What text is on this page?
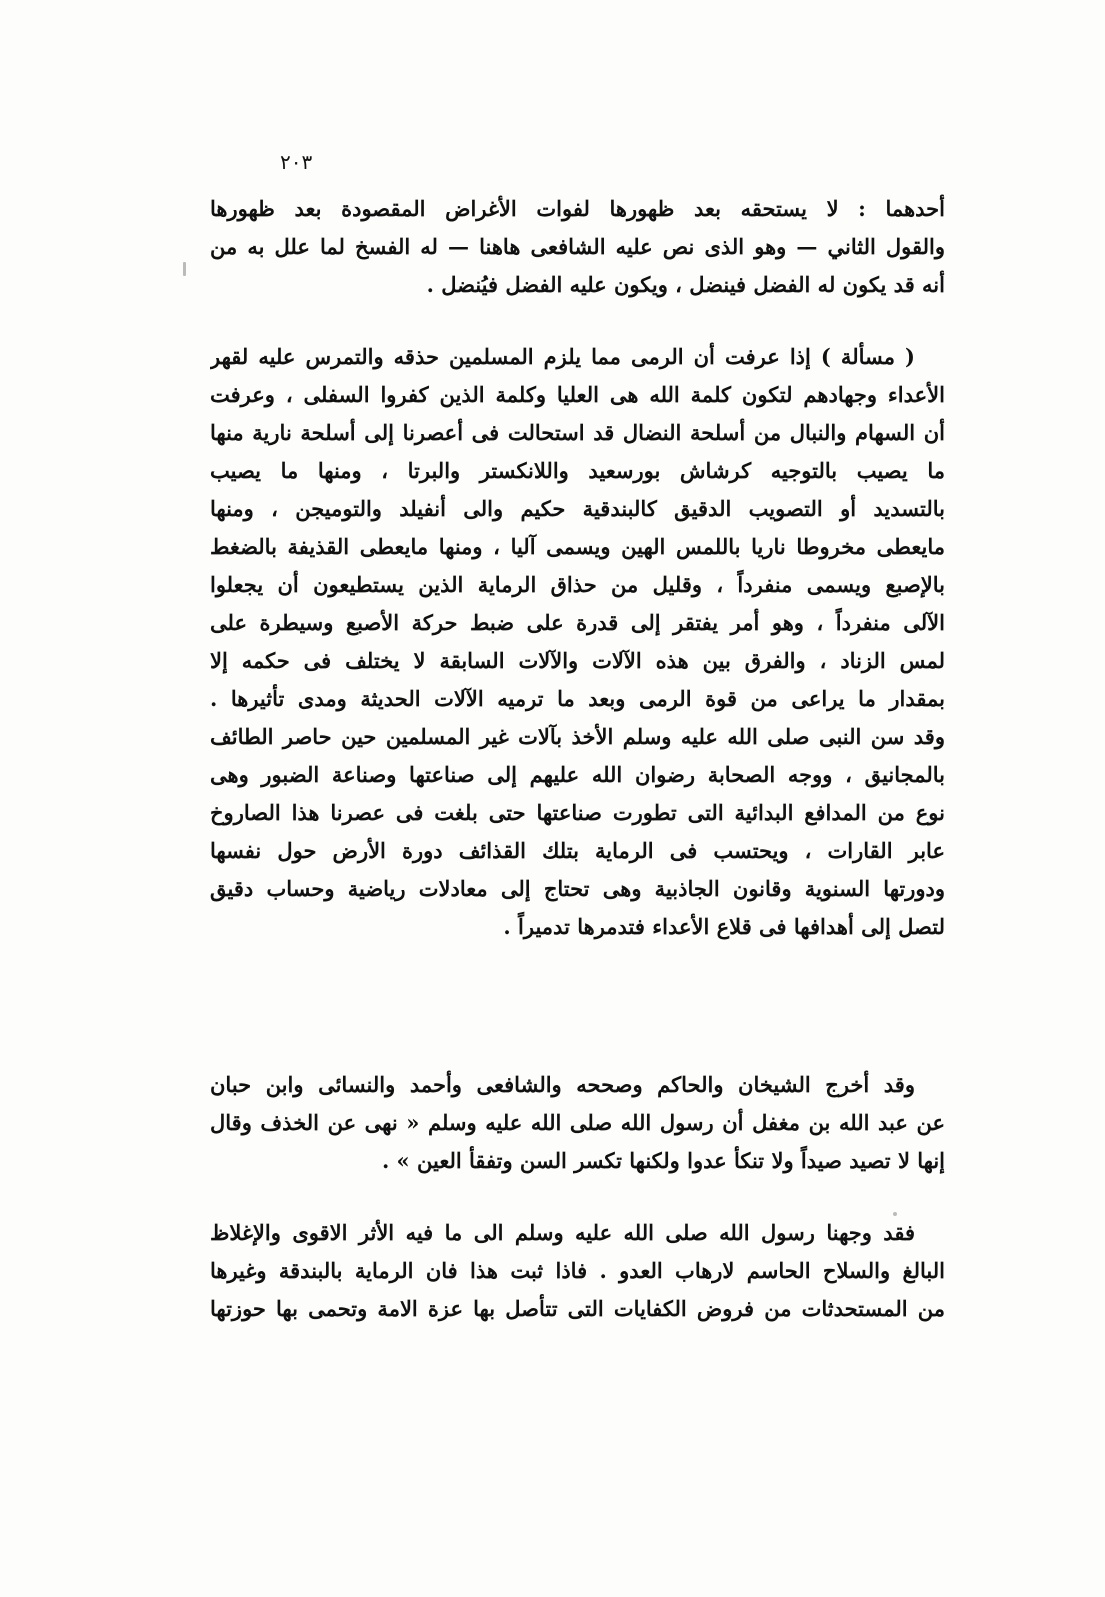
٢٠٣
أحدهما : لا يستحقه بعد ظهورها لفوات الأغراض المقصودة بعد ظهورها
والقول الثاني — وهو الذى نص عليه الشافعى هاهنا — له الفسخ لما علل به من
أنه قد يكون له الفضل فينضل ، ويكون عليه الفضل فيُنضل .
( مسألة ) إذا عرفت أن الرمى مما يلزم المسلمين حذقه والتمرس عليه لقهر
الأعداء وجهادهم لتكون كلمة الله هى العليا وكلمة الذين كفروا السفلى ، وعرفت
أن السهام والنبال من أسلحة النضال قد استحالت فى أعصرنا إلى أسلحة نارية منها
ما يصيب بالتوجيه كرشاش بورسعيد واللانكستر والبرتا ، ومنها ما يصيب
بالتسديد أو التصويب الدقيق كالبندقية حكيم والى أنفيلد والتوميجن ، ومنها
مايعطى مخروطا ناريا باللمس الهين ويسمى آليا ، ومنها مايعطى القذيفة بالضغط
بالإصبع ويسمى منفرداً ، وقليل من حذاق الرماية الذين يستطيعون أن يجعلوا
الآلى منفرداً ، وهو أمر يفتقر إلى قدرة على ضبط حركة الأصبع وسيطرة على
لمس الزناد ، والفرق بين هذه الآلات والآلات السابقة لا يختلف فى حكمه إلا
بمقدار ما يراعى من قوة الرمى وبعد ما ترميه الآلات الحديثة ومدى تأثيرها .
وقد سن النبى صلى الله عليه وسلم الأخذ بآلات غير المسلمين حين حاصر الطائف
بالمجانيق ، ووجه الصحابة رضوان الله عليهم إلى صناعتها وصناعة الضبور وهى
نوع من المدافع البدائية التى تطورت صناعتها حتى بلغت فى عصرنا هذا الصاروخ
عابر القارات ، ويحتسب فى الرماية بتلك القذائف دورة الأرض حول نفسها
ودورتها السنوية وقانون الجاذبية وهى تحتاج إلى معادلات رياضية وحساب دقيق
لتصل إلى أهدافها فى قلاع الأعداء فتدمرها تدميراً .
وقد أخرج الشيخان والحاكم وصححه والشافعى وأحمد والنسائى وابن حبان
عن عبد الله بن مغفل أن رسول الله صلى الله عليه وسلم « نهى عن الخذف وقال
إنها لا تصيد صيداً ولا تنكأ عدوا ولكنها تكسر السن وتفقأ العين » .
فقد وجهنا رسول الله صلى الله عليه وسلم الى ما فيه الأثر الاقوى والإغلاظ
البالغ والسلاح الحاسم لارهاب العدو . فاذا ثبت هذا فان الرماية بالبندقة وغيرها
من المستحدثات من فروض الكفايات التى تتأصل بها عزة الامة وتحمى بها حوزتها
